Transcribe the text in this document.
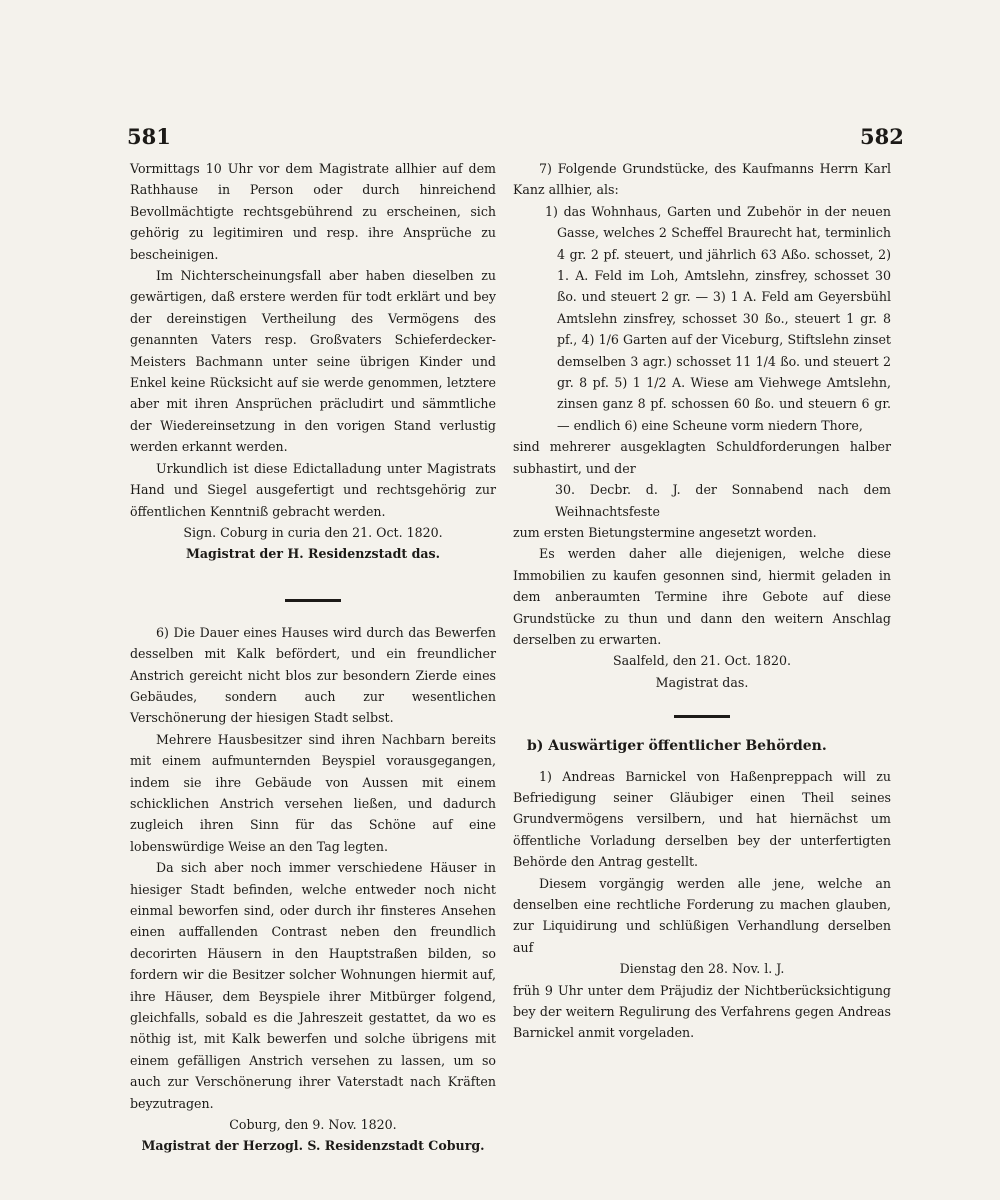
581	582

Vormittags 10 Uhr vor dem Magistrate allhier auf dem Rathhause in Person oder durch hinreichend Bevollmächtigte rechtsgebührend zu erscheinen, sich gehörig zu legitimiren und resp. ihre Ansprüche zu bescheinigen.

Im Nichterscheinungsfall aber haben dieselben zu gewärtigen, daß erstere werden für todt erklärt und bey der dereinstigen Vertheilung des Vermögens des genannten Vaters resp. Großvaters Schieferdecker-Meisters Bachmann unter seine übrigen Kinder und Enkel keine Rücksicht auf sie werde genommen, letztere aber mit ihren Ansprüchen präcludirt und sämmtliche der Wiedereinsetzung in den vorigen Stand verlustig werden erkannt werden.

Urkundlich ist diese Edictalladung unter Magistrats Hand und Siegel ausgefertigt und rechtsgehörig zur öffentlichen Kenntniß gebracht werden.

Sign. Coburg in curia den 21. Oct. 1820.

Magistrat der H. Residenzstadt das.

6) Die Dauer eines Hauses wird durch das Bewerfen desselben mit Kalk befördert, und ein freundlicher Anstrich gereicht nicht blos zur besondern Zierde eines Gebäudes, sondern auch zur wesentlichen Verschönerung der hiesigen Stadt selbst.

Mehrere Hausbesitzer sind ihren Nachbarn bereits mit einem aufmunternden Beyspiel vorausgegangen, indem sie ihre Gebäude von Aussen mit einem schicklichen Anstrich versehen ließen, und dadurch zugleich ihren Sinn für das Schöne auf eine lobenswürdige Weise an den Tag legten.

Da sich aber noch immer verschiedene Häuser in hiesiger Stadt befinden, welche entweder noch nicht einmal beworfen sind, oder durch ihr finsteres Ansehen einen auffallenden Contrast neben den freundlich decorirten Häusern in den Hauptstraßen bilden, so fordern wir die Besitzer solcher Wohnungen hiermit auf, ihre Häuser, dem Beyspiele ihrer Mitbürger folgend, gleichfalls, sobald es die Jahreszeit gestattet, da wo es nöthig ist, mit Kalk bewerfen und solche übrigens mit einem gefälligen Anstrich versehen zu lassen, um so auch zur Verschönerung ihrer Vaterstadt nach Kräften beyzutragen.

Coburg, den 9. Nov. 1820.

Magistrat der Herzogl. S. Residenzstadt Coburg.

7) Folgende Grundstücke, des Kaufmanns Herrn Karl Kanz allhier, als:

1) das Wohnhaus, Garten und Zubehör in der neuen Gasse, welches 2 Scheffel Braurecht hat, terminlich 4 gr. 2 pf. steuert, und jährlich 63 Aßo. schosset, 2) 1. A. Feld im Loh, Amtslehn, zinsfrey, schosset 30 ßo. und steuert 2 gr. — 3) 1 A. Feld am Geyersbühl Amtslehn zinsfrey, schosset 30 ßo., steuert 1 gr. 8 pf., 4) 1/6 Garten auf der Viceburg, Stiftslehn zinset demselben 3 agr.) schosset 11 1/4 ßo. und steuert 2 gr. 8 pf. 5) 1 1/2 A. Wiese am Viehwege Amtslehn, zinsen ganz 8 pf. schossen 60 ßo. und steuern 6 gr. — endlich 6) eine Scheune vorm niedern Thore,

sind mehrerer ausgeklagten Schuldforderungen halber subhastirt, und der

30. Decbr. d. J. der Sonnabend nach dem Weihnachtsfeste

zum ersten Bietungstermine angesetzt worden.

Es werden daher alle diejenigen, welche diese Immobilien zu kaufen gesonnen sind, hiermit geladen in dem anberaumten Termine ihre Gebote auf diese Grundstücke zu thun und dann den weitern Anschlag derselben zu erwarten.

Saalfeld, den 21. Oct. 1820.

Magistrat das.

b) Auswärtiger öffentlicher Behörden.

1) Andreas Barnickel von Haßenpreppach will zu Befriedigung seiner Gläubiger einen Theil seines Grundvermögens versilbern, und hat hiernächst um öffentliche Vorladung derselben bey der unterfertigten Behörde den Antrag gestellt.

Diesem vorgängig werden alle jene, welche an denselben eine rechtliche Forderung zu machen glauben, zur Liquidirung und schlüßigen Verhandlung derselben auf

Dienstag den 28. Nov. l. J.

früh 9 Uhr unter dem Präjudiz der Nichtberücksichtigung bey der weitern Regulirung des Verfahrens gegen Andreas Barnickel anmit vorgeladen.
